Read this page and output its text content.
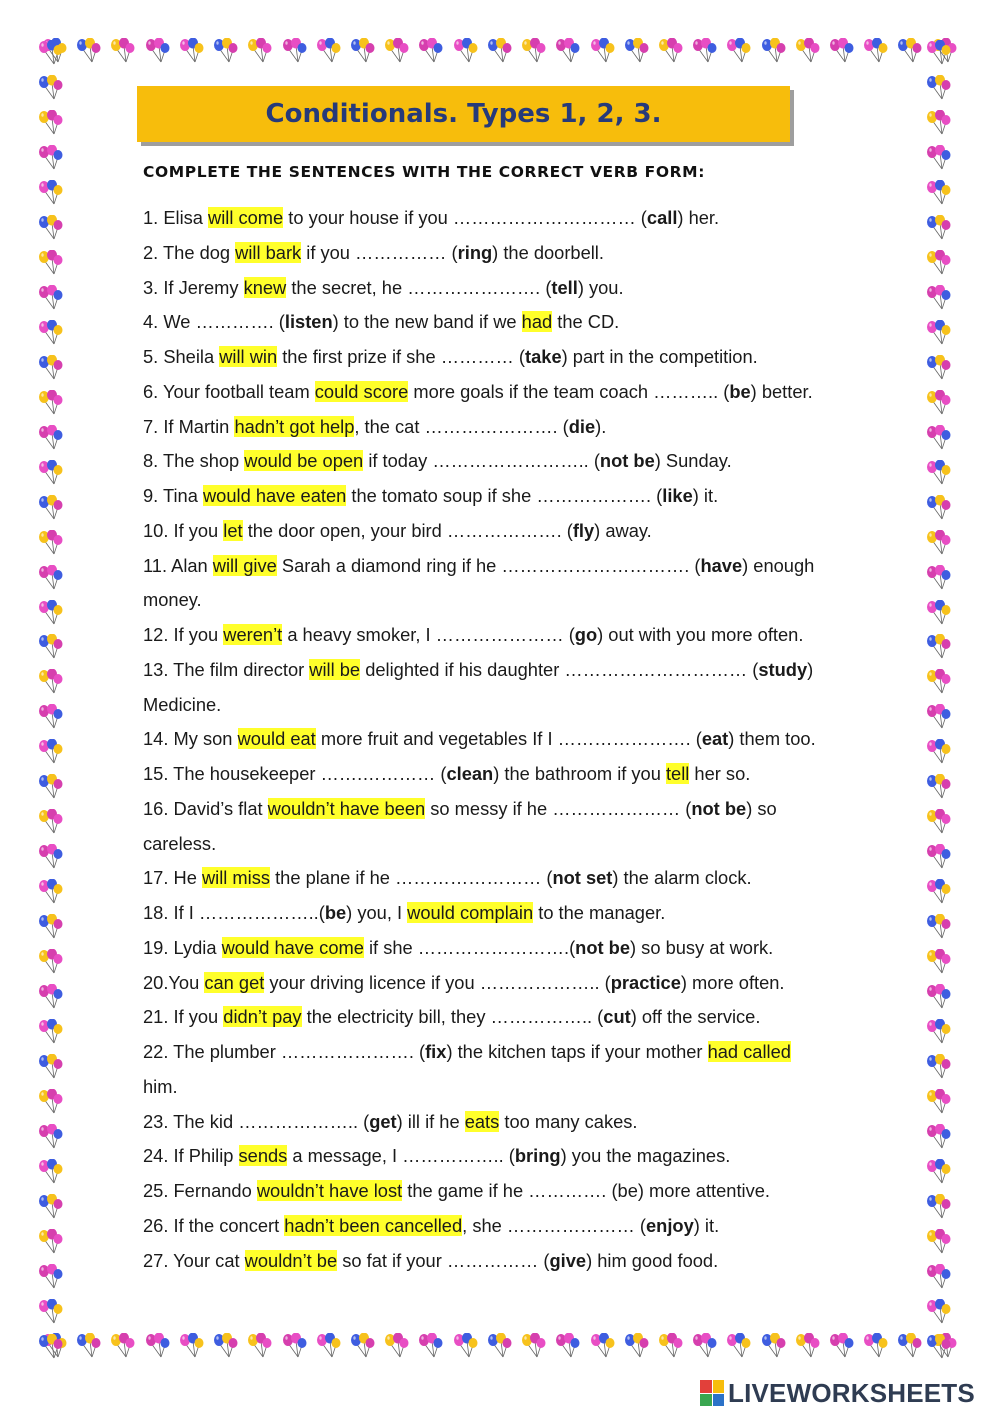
Conditionals. Types 1, 2, 3.
COMPLETE THE SENTENCES WITH THE CORRECT VERB FORM:
1. Elisa will come to your house if you ………………………… (call) her.
2. The dog will bark if you …………… (ring) the doorbell.
3. If Jeremy knew the secret, he …………………. (tell) you.
4. We …………. (listen) to the new band if we had the CD.
5. Sheila will win the first prize if she ………… (take) part in the competition.
6. Your football team could score more goals if the team coach ……….. (be) better.
7. If Martin hadn’t got help, the cat …………………. (die).
8. The shop would be open if today …………………….. (not be) Sunday.
9. Tina would have eaten the tomato soup if she ………………. (like) it.
10. If you let the door open, your bird ………………. (fly) away.
11. Alan will give Sarah a diamond ring if he …………………………. (have) enough
money.
12. If you weren’t a heavy smoker, I ………………… (go) out with you more often.
13. The film director will be delighted if his daughter ………………………… (study)
Medicine.
14. My son would eat more fruit and vegetables If I …………………. (eat) them too.
15. The housekeeper …….………… (clean) the bathroom if you tell her so.
16. David’s flat wouldn’t have been so messy if he ………………… (not be) so
careless.
17. He will miss the plane if he …………………… (not set) the alarm clock.
18. If I ………………..(be) you, I would complain to the manager.
19. Lydia would have come if she …………………….(not be) so busy at work.
20.You can get your driving licence if you ……………….. (practice) more often.
21. If you didn’t pay the electricity bill, they …………….. (cut) off the service.
22. The plumber …………………. (fix) the kitchen taps if your mother had called
him.
23. The kid ……………….. (get) ill if he eats too many cakes.
24. If Philip sends a message, I …………….. (bring) you the magazines.
25. Fernando wouldn’t have lost the game if he …………. (be) more attentive.
26. If the concert hadn’t been cancelled, she ………………… (enjoy) it.
27. Your cat wouldn’t be so fat if your …………… (give) him good food.
LIVEWORKSHEETS
